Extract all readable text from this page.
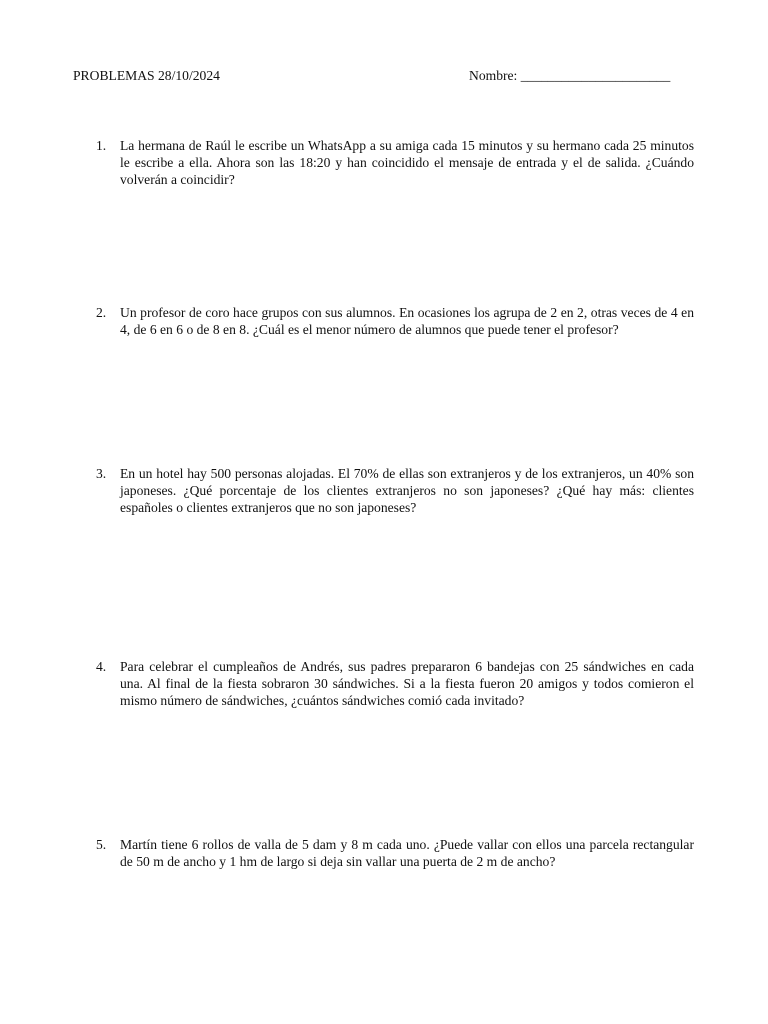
PROBLEMAS 28/10/2024	Nombre: ______________________
1.	La hermana de Raúl le escribe un WhatsApp a su amiga cada 15 minutos y su hermano cada 25 minutos le escribe a ella. Ahora son las 18:20 y han coincidido el mensaje de entrada y el de salida. ¿Cuándo volverán a coincidir?
2.	Un profesor de coro hace grupos con sus alumnos. En ocasiones los agrupa de 2 en 2, otras veces de 4 en 4, de 6 en 6 o de 8 en 8. ¿Cuál es el menor número de alumnos que puede tener el profesor?
3.	En un hotel hay 500 personas alojadas. El 70% de ellas son extranjeros y de los extranjeros, un 40% son japoneses. ¿Qué porcentaje de los clientes extranjeros no son japoneses? ¿Qué hay más: clientes españoles o clientes extranjeros que no son japoneses?
4.	Para celebrar el cumpleaños de Andrés, sus padres prepararon 6 bandejas con 25 sándwiches en cada una. Al final de la fiesta sobraron 30 sándwiches. Si a la fiesta fueron 20 amigos y todos comieron el mismo número de sándwiches, ¿cuántos sándwiches comió cada invitado?
5.	Martín tiene 6 rollos de valla de 5 dam y 8 m cada uno. ¿Puede vallar con ellos una parcela rectangular de 50 m de ancho y 1 hm de largo si deja sin vallar una puerta de 2 m de ancho?
